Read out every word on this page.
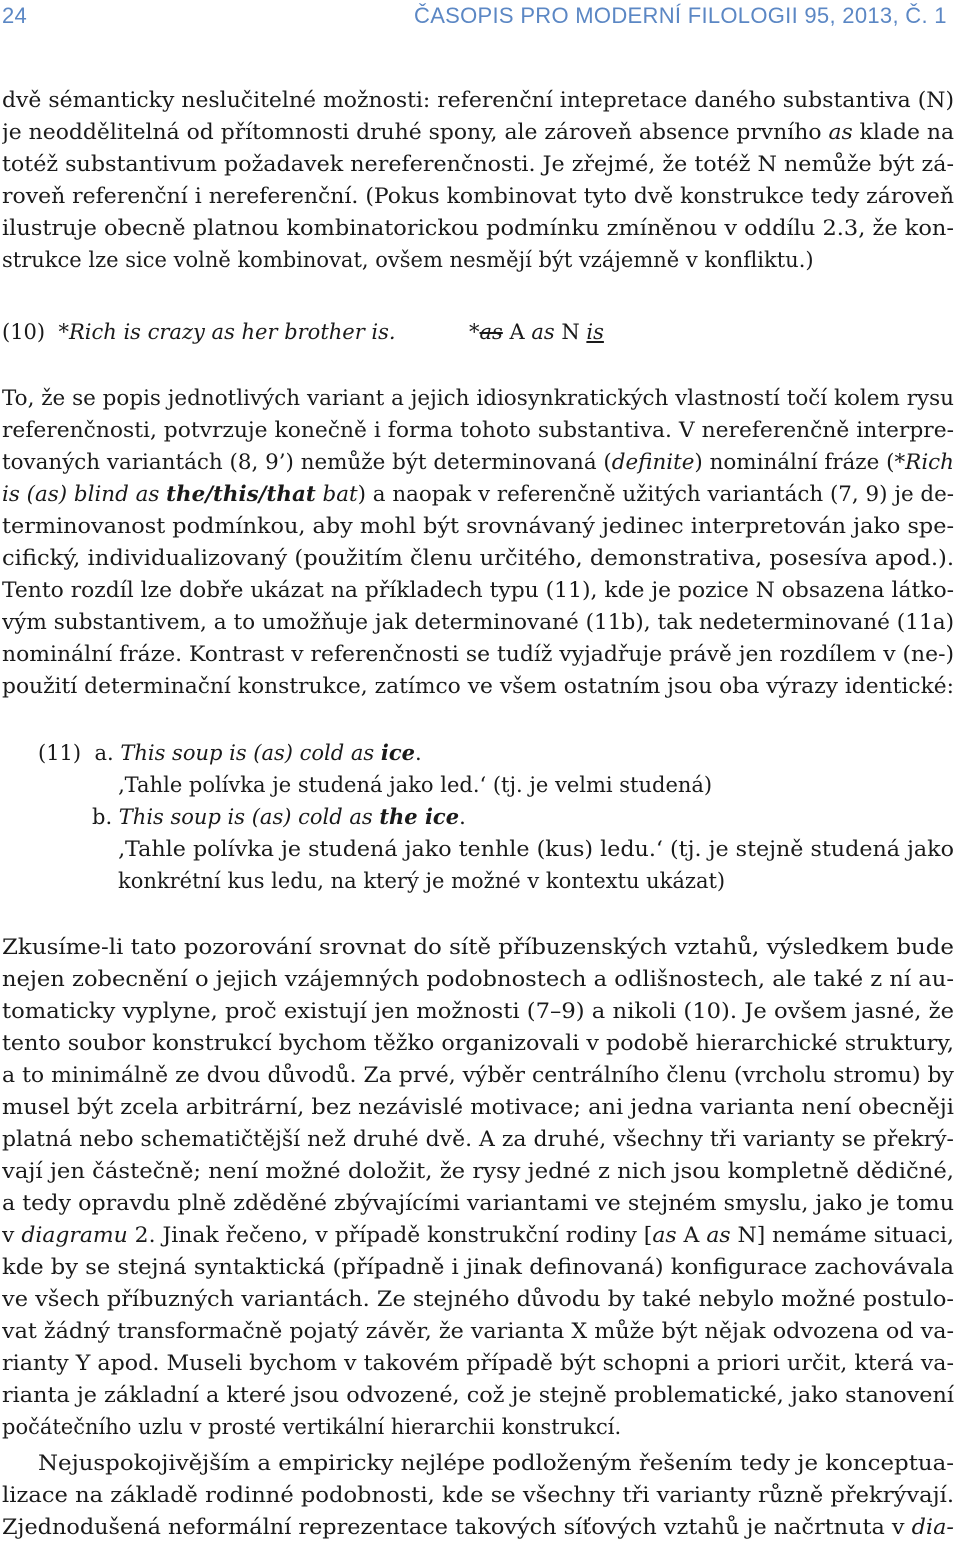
24	ČASOPIS PRO MODERNÍ FILOLOGII 95, 2013, Č. 1
dvě sémanticky neslučitelné možnosti: referenční intepretace daného substantiva (N)
je neoddělitelná od přítomnosti druhé spony, ale zároveň absence prvního as klade na
totéž substantivum požadavek nereferenčnosti. Je zřejmé, že totéž N nemůže být zá-
roveň referenční i nereferenční. (Pokus kombinovat tyto dvě konstrukce tedy zároveň
ilustruje obecně platnou kombinatorickou podmínku zmíněnou v oddílu 2.3, že kon-
strukce lze sice volně kombinovat, ovšem nesmějí být vzájemně v konfliktu.)
(10)  *Rich is crazy as her brother is.           *as A as N is
To, že se popis jednotlivých variant a jejich idiosynkratických vlastností točí kolem rysu
referenčnosti, potvrzuje konečně i forma tohoto substantiva. V nereferenčně interpre-
tovaných variantách (8, 9’) nemůže být determinovaná (definite) nominální fráze (*Rich
is (as) blind as the/this/that bat) a naopak v referenčně užitých variantách (7, 9) je de-
terminovanost podmínkou, aby mohl být srovnávaný jedinec interpretován jako spe-
cifický, individualizovaný (použitím členu určitého, demonstrativa, posesíva apod.).
Tento rozdíl lze dobře ukázat na příkladech typu (11), kde je pozice N obsazena látko-
vým substantivem, a to umožňuje jak determinované (11b), tak nedeterminované (11a)
nominální fráze. Kontrast v referenčnosti se tudíž vyjadřuje právě jen rozdílem v (ne-)
použití determinační konstrukce, zatímco ve všem ostatním jsou oba výrazy identické:
(11)  a. This soup is (as) cold as ice.
‚Tahle polívka je studená jako led.‘ (tj. je velmi studená)
b. This soup is (as) cold as the ice.
‚Tahle polívka je studená jako tenhle (kus) ledu.‘ (tj. je stejně studená jako
konkrétní kus ledu, na který je možné v kontextu ukázat)
Zkusíme-li tato pozorování srovnat do sítě příbuzenských vztahů, výsledkem bude
nejen zobecnění o jejich vzájemných podobnostech a odlišnostech, ale také z ní au-
tomaticky vyplyne, proč existují jen možnosti (7–9) a nikoli (10). Je ovšem jasné, že
tento soubor konstrukcí bychom těžko organizovali v podobě hierarchické struktury,
a to minimálně ze dvou důvodů. Za prvé, výběr centrálního členu (vrcholu stromu) by
musel být zcela arbitrární, bez nezávislé motivace; ani jedna varianta není obecněji
platná nebo schematičtější než druhé dvě. A za druhé, všechny tři varianty se překrý-
vají jen částečně; není možné doložit, že rysy jedné z nich jsou kompletně dědičné,
a tedy opravdu plně zděděné zbývajícími variantami ve stejném smyslu, jako je tomu
v diagramu 2. Jinak řečeno, v případě konstrukční rodiny [as A as N] nemáme situaci,
kde by se stejná syntaktická (případně i jinak definovaná) konfigurace zachovávala
ve všech příbuzných variantách. Ze stejného důvodu by také nebylo možné postulo-
vat žádný transformačně pojatý závěr, že varianta X může být nějak odvozena od va-
rianty Y apod. Museli bychom v takovém případě být schopni a priori určit, která va-
rianta je základní a které jsou odvozené, což je stejně problematické, jako stanovení
počátečního uzlu v prosté vertikální hierarchii konstrukcí.
Nejuspokojivějším a empiricky nejlépe podloženým řešením tedy je konceptua-
lizace na základě rodinné podobnosti, kde se všechny tři varianty různě překrývají.
Zjednodušená neformální reprezentace takových síťových vztahů je načrtnuta v dia-
